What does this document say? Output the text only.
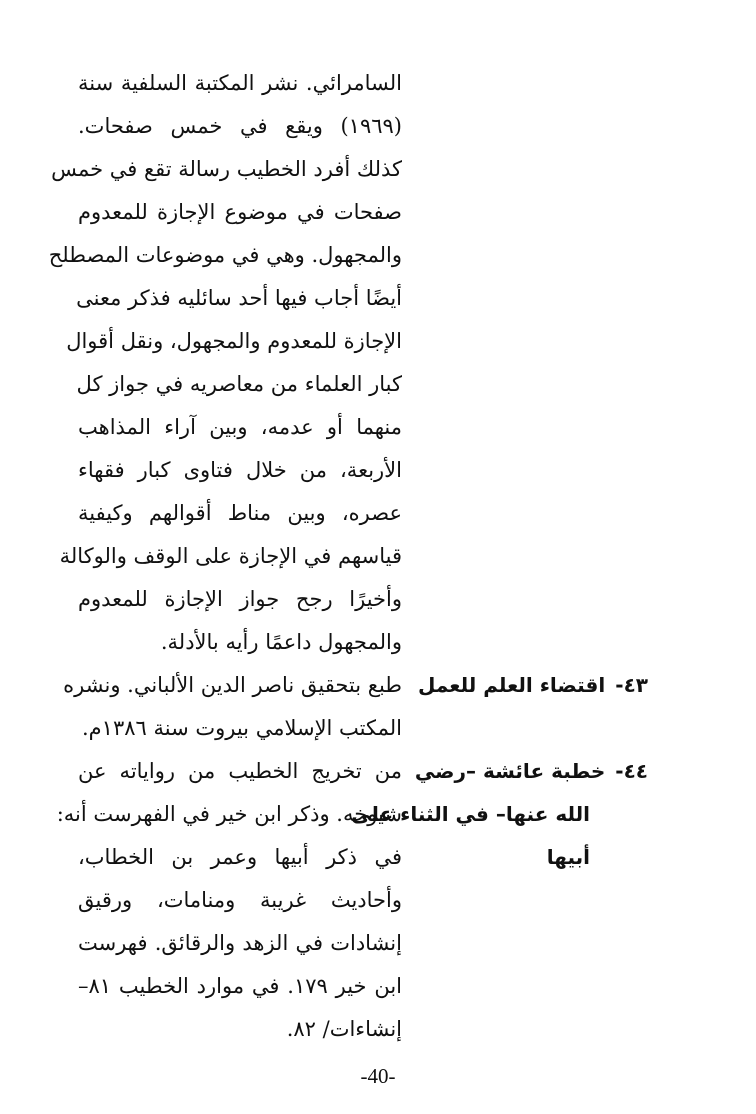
السامرائي. نشر المكتبة السلفية سنة
(١٩٦٩) ويقع في خمس صفحات.
كذلك أفرد الخطيب رسالة تقع في خمس
صفحات في موضوع الإجازة للمعدوم
والمجهول. وهي في موضوعات المصطلح
أيضًا أجاب فيها أحد سائليه فذكر معنى
الإجازة للمعدوم والمجهول، ونقل أقوال
كبار العلماء من معاصريه في جواز كل
منهما أو عدمه، وبين آراء المذاهب
الأربعة، من خلال فتاوى كبار فقهاء
عصره، وبين مناط أقوالهم وكيفية
قياسهم في الإجازة على الوقف والوكالة
وأخيرًا رجح جواز الإجازة للمعدوم
والمجهول داعمًا رأيه بالأدلة.
٤٣-اقتضاء العلم للعمل
طبع بتحقيق ناصر الدين الألباني. ونشره
المكتب الإسلامي بيروت سنة ١٣٨٦م.
٤٤-خطبة عائشة –رضي
الله عنها– في الثناء على
أبيها
من تخريج الخطيب من رواياته عن
شيوخه. وذكر ابن خير في الفهرست أنه:
في ذكر أبيها وعمر بن الخطاب،
وأحاديث غريبة ومنامات، ورقيق
إنشادات في الزهد والرقائق. فهرست
ابن خير ١٧٩. في موارد الخطيب ٨١–
إنشاءات/ ٨٢.
-40-
